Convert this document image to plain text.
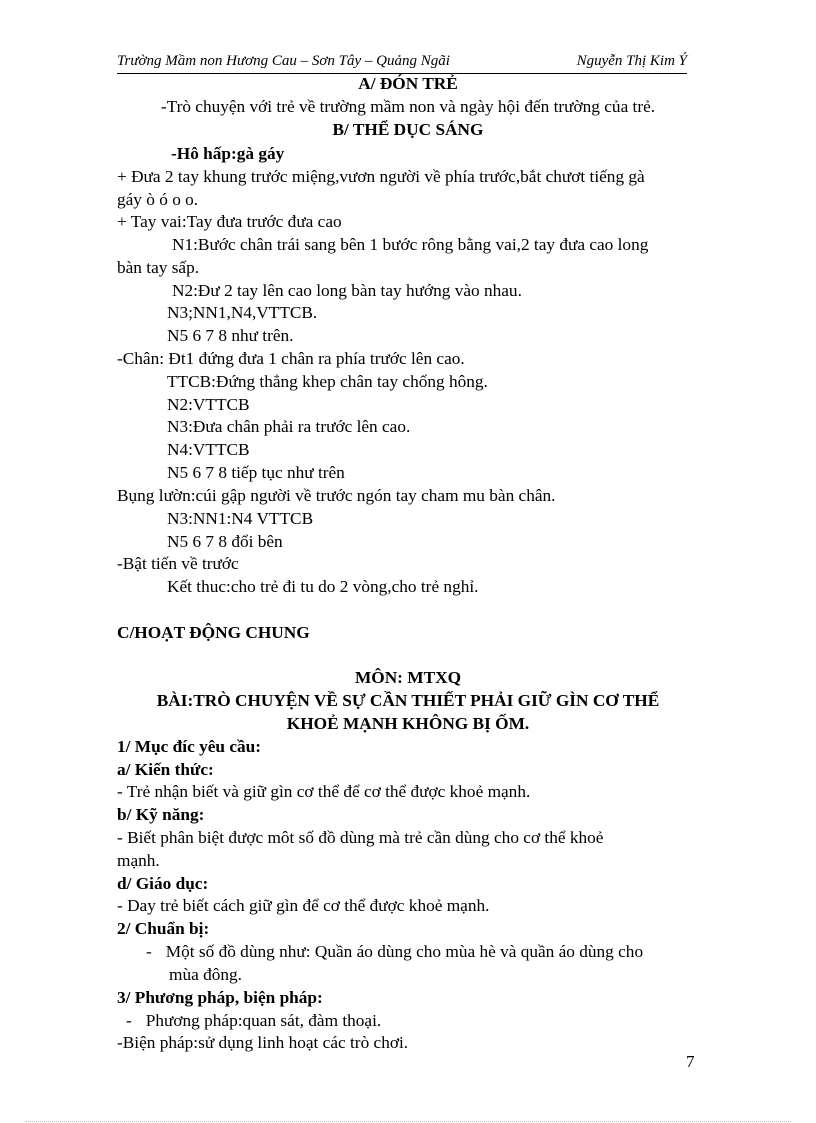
Trường Mầm non Hương Cau – Sơn Tây – Quảng Ngãi	Nguyễn Thị Kim Ý
A/ ĐÓN TRẺ
-Trò chuyện với trẻ về trường mầm non và ngày hội đến trường của trẻ.
B/ THỂ DỤC SÁNG
-Hô hấp:gà gáy
+ Đưa 2 tay khung trước miệng,vươn người về phía trước,bắt chươt tiếng gà
gáy ò ó o o.
+ Tay vai:Tay đưa trước đưa cao
N1:Bước chân trái sang bên 1 bước rông bằng vai,2 tay đưa cao long
bàn tay sấp.
N2:Đư 2 tay lên cao long bàn tay hướng vào nhau.
N3;NN1,N4,VTTCB.
N5 6 7 8 như trên.
-Chân: Đt1 đứng đưa 1 chân ra phía trước lên cao.
TTCB:Đứng thẳng khep chân tay chống hông.
N2:VTTCB
N3:Đưa chân phải ra trước lên cao.
N4:VTTCB
N5 6 7 8 tiếp tục như trên
Bụng lườn:cúi gập người về trước ngón tay cham mu bàn chân.
N3:NN1:N4 VTTCB
N5 6 7 8 đổi bên
-Bật tiến về trước
Kết thuc:cho trẻ đi tu do 2 vòng,cho trẻ nghỉ.
C/HOẠT ĐỘNG CHUNG
MÔN: MTXQ
BÀI:TRÒ CHUYỆN VỀ SỰ CẦN THIẾT PHẢI GIỮ GÌN CƠ THỂ
KHOẺ MẠNH KHÔNG BỊ ỐM.
1/ Mục đíc yêu cầu:
a/ Kiến thức:
- Trẻ nhận biết và giữ gìn cơ thể để cơ thể được khoẻ mạnh.
b/ Kỹ năng:
- Biết phân biệt được môt số đồ dùng mà trẻ cần dùng cho cơ thể khoẻ
mạnh.
d/ Giáo dục:
- Day trẻ biết cách giữ gìn để cơ thể được khoẻ mạnh.
2/ Chuẩn bị:
- Một số đồ dùng như: Quần áo dùng cho mùa hè và quần áo dùng cho
mùa đông.
3/ Phương pháp, biện pháp:
- Phương pháp:quan sát, đàm thoại.
-Biện pháp:sử dụng linh hoạt các trò chơi.
7
